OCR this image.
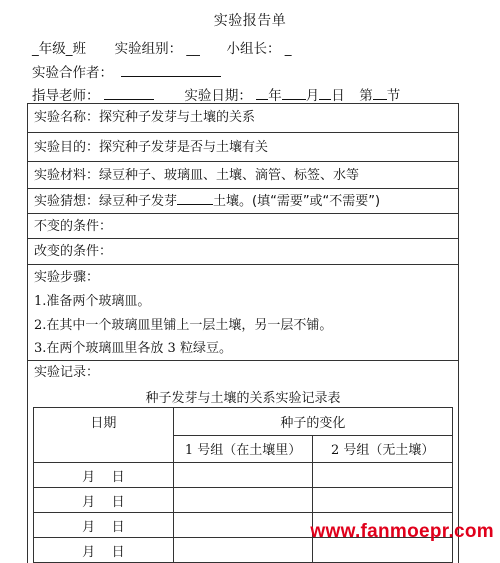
实验报告单
_年级_班 实验组别： __ 小组长： _
实验合作者：
指导老师：	实验日期： 年 月 日 第 节
实验名称：探究种子发芽与土壤的关系
实验目的：探究种子发芽是否与土壤有关
实验材料：绿豆种子、玻璃皿、土壤、滴管、标签、水等
实验猜想：绿豆种子发芽	土壤。(填“需要”或“不需要”)
不变的条件：
改变的条件：
实验步骤：
1.准备两个玻璃皿。
2.在其中一个玻璃皿里铺上一层土壤，另一层不铺。
3.在两个玻璃皿里各放 3 粒绿豆。
实验记录：
种子发芽与土壤的关系实验记录表
日期	种子的变化	
	1 号组（在土壤里）	2 号组（无土壤）
月    日		
月    日		
月    日		
月    日		
www.fanmoepr.com
